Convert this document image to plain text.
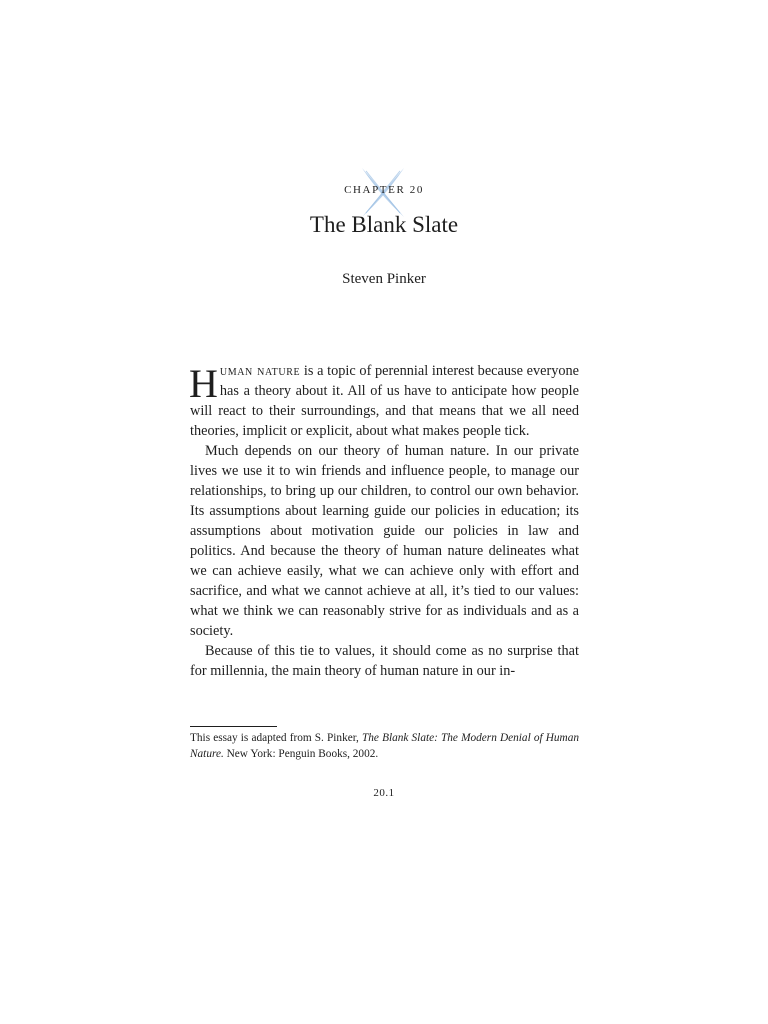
CHAPTER 20
The Blank Slate
Steven Pinker

Human nature is a topic of perennial interest because everyone has a theory about it. All of us have to anticipate how people will react to their surroundings, and that means that we all need theories, implicit or explicit, about what makes people tick.

Much depends on our theory of human nature. In our private lives we use it to win friends and influence people, to manage our relationships, to bring up our children, to control our own behavior. Its assumptions about learning guide our policies in education; its assumptions about motivation guide our policies in law and politics. And because the theory of human nature delineates what we can achieve easily, what we can achieve only with effort and sacrifice, and what we cannot achieve at all, it’s tied to our values: what we think we can reasonably strive for as individuals and as a society.

Because of this tie to values, it should come as no surprise that for millennia, the main theory of human nature in our in-

This essay is adapted from S. Pinker, The Blank Slate: The Modern Denial of Human Nature. New York: Penguin Books, 2002.
20.1
